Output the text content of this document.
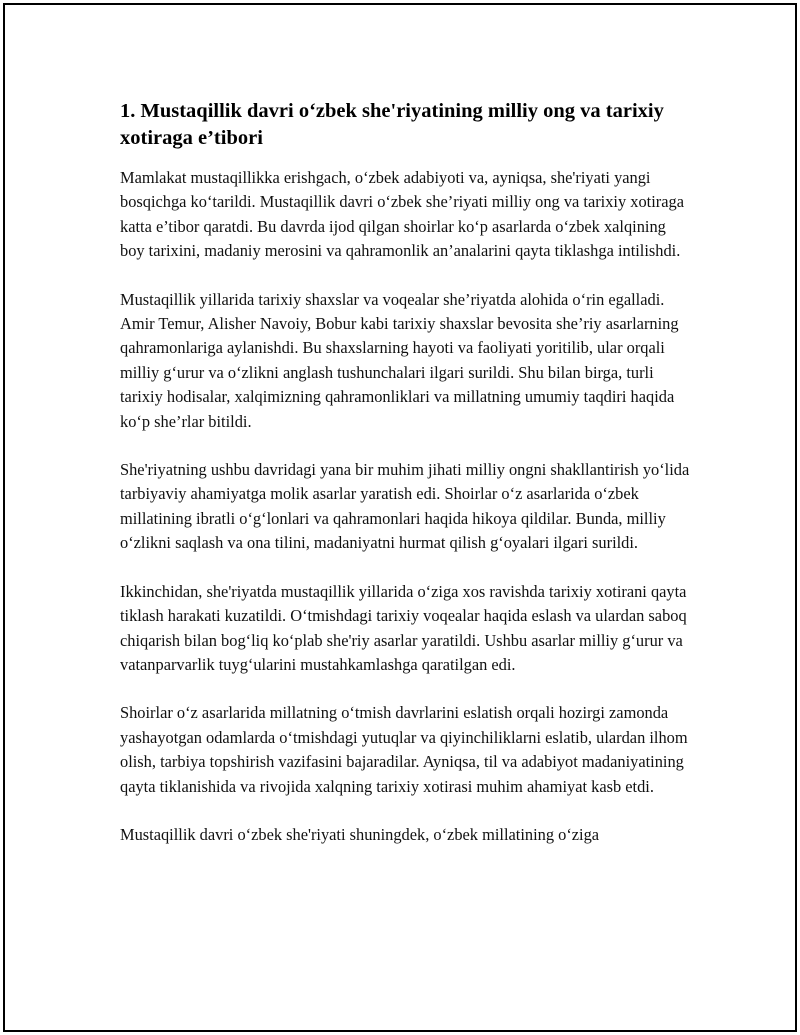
1. Mustaqillik davri o‘zbek she'riyatining milliy ong va tarixiy xotiraga e’tibori

Mamlakat mustaqillikka erishgach, o‘zbek adabiyoti va, ayniqsa, she'riyati yangi bosqichga ko‘tarildi. Mustaqillik davri o‘zbek she’riyati milliy ong va tarixiy xotiraga katta e’tibor qaratdi. Bu davrda ijod qilgan shoirlar ko‘p asarlarda o‘zbek xalqining boy tarixini, madaniy merosini va qahramonlik an’analarini qayta tiklashga intilishdi.

Mustaqillik yillarida tarixiy shaxslar va voqealar she’riyatda alohida o‘rin egalladi. Amir Temur, Alisher Navoiy, Bobur kabi tarixiy shaxslar bevosita she’riy asarlarning qahramonlariga aylanishdi. Bu shaxslarning hayoti va faoliyati yoritilib, ular orqali milliy g‘urur va o‘zlikni anglash tushunchalari ilgari surildi. Shu bilan birga, turli tarixiy hodisalar, xalqimizning qahramonliklari va millatning umumiy taqdiri haqida ko‘p she’rlar bitildi.

She'riyatning ushbu davridagi yana bir muhim jihati milliy ongni shakllantirish yo‘lida tarbiyaviy ahamiyatga molik asarlar yaratish edi. Shoirlar o‘z asarlarida o‘zbek millatining ibratli o‘g‘lonlari va qahramonlari haqida hikoya qildilar. Bunda, milliy o‘zlikni saqlash va ona tilini, madaniyatni hurmat qilish g‘oyalari ilgari surildi.

Ikkinchidan, she'riyatda mustaqillik yillarida o‘ziga xos ravishda tarixiy xotirani qayta tiklash harakati kuzatildi. O‘tmishdagi tarixiy voqealar haqida eslash va ulardan saboq chiqarish bilan bog‘liq ko‘plab she'riy asarlar yaratildi. Ushbu asarlar milliy g‘urur va vatanparvarlik tuyg‘ularini mustahkamlashga qaratilgan edi.

Shoirlar o‘z asarlarida millatning o‘tmish davrlarini eslatish orqali hozirgi zamonda yashayotgan odamlarda o‘tmishdagi yutuqlar va qiyinchiliklarni eslatib, ulardan ilhom olish, tarbiya topshirish vazifasini bajaradilar. Ayniqsa, til va adabiyot madaniyatining qayta tiklanishida va rivojida xalqning tarixiy xotirasi muhim ahamiyat kasb etdi.

Mustaqillik davri o‘zbek she'riyati shuningdek, o‘zbek millatining o‘ziga
